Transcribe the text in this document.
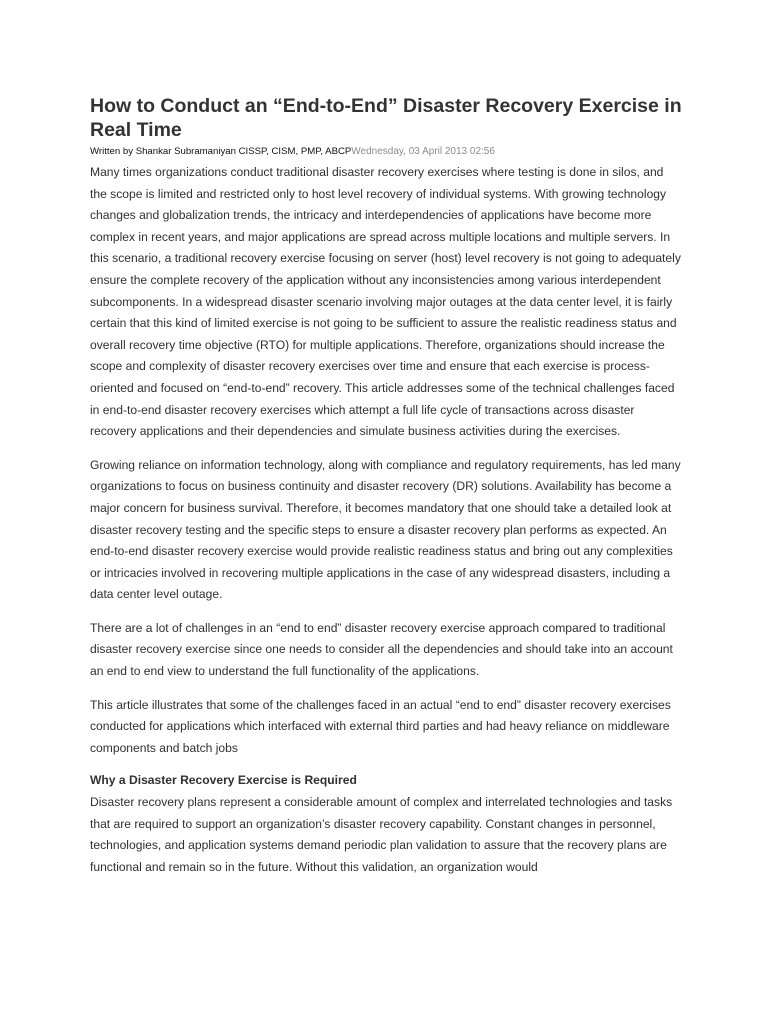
How to Conduct an “End-to-End” Disaster Recovery Exercise in Real Time
Written by Shankar Subramaniyan CISSP, CISM, PMP, ABCPWednesday, 03 April 2013 02:56

Many times organizations conduct traditional disaster recovery exercises where testing is done in silos, and the scope is limited and restricted only to host level recovery of individual systems. With growing technology changes and globalization trends, the intricacy and interdependencies of applications have become more complex in recent years, and major applications are spread across multiple locations and multiple servers. In this scenario, a traditional recovery exercise focusing on server (host) level recovery is not going to adequately ensure the complete recovery of the application without any inconsistencies among various interdependent subcomponents. In a widespread disaster scenario involving major outages at the data center level, it is fairly certain that this kind of limited exercise is not going to be sufficient to assure the realistic readiness status and overall recovery time objective (RTO) for multiple applications. Therefore, organizations should increase the scope and complexity of disaster recovery exercises over time and ensure that each exercise is process-oriented and focused on “end-to-end” recovery. This article addresses some of the technical challenges faced in end-to-end disaster recovery exercises which attempt a full life cycle of transactions across disaster recovery applications and their dependencies and simulate business activities during the exercises.

Growing reliance on information technology, along with compliance and regulatory requirements, has led many organizations to focus on business continuity and disaster recovery (DR) solutions. Availability has become a major concern for business survival. Therefore, it becomes mandatory that one should take a detailed look at disaster recovery testing and the specific steps to ensure a disaster recovery plan performs as expected. An end-to-end disaster recovery exercise would provide realistic readiness status and bring out any complexities or intricacies involved in recovering multiple applications in the case of any widespread disasters, including a data center level outage.

There are a lot of challenges in an “end to end” disaster recovery exercise approach compared to traditional disaster recovery exercise since one needs to consider all the dependencies and should take into an account an end to end view to understand the full functionality of the applications.

This article illustrates that some of the challenges faced in an actual “end to end” disaster recovery exercises conducted for applications which interfaced with external third parties and had heavy reliance on middleware components and batch jobs

Why a Disaster Recovery Exercise is Required

Disaster recovery plans represent a considerable amount of complex and interrelated technologies and tasks that are required to support an organization’s disaster recovery capability. Constant changes in personnel, technologies, and application systems demand periodic plan validation to assure that the recovery plans are functional and remain so in the future. Without this validation, an organization would
